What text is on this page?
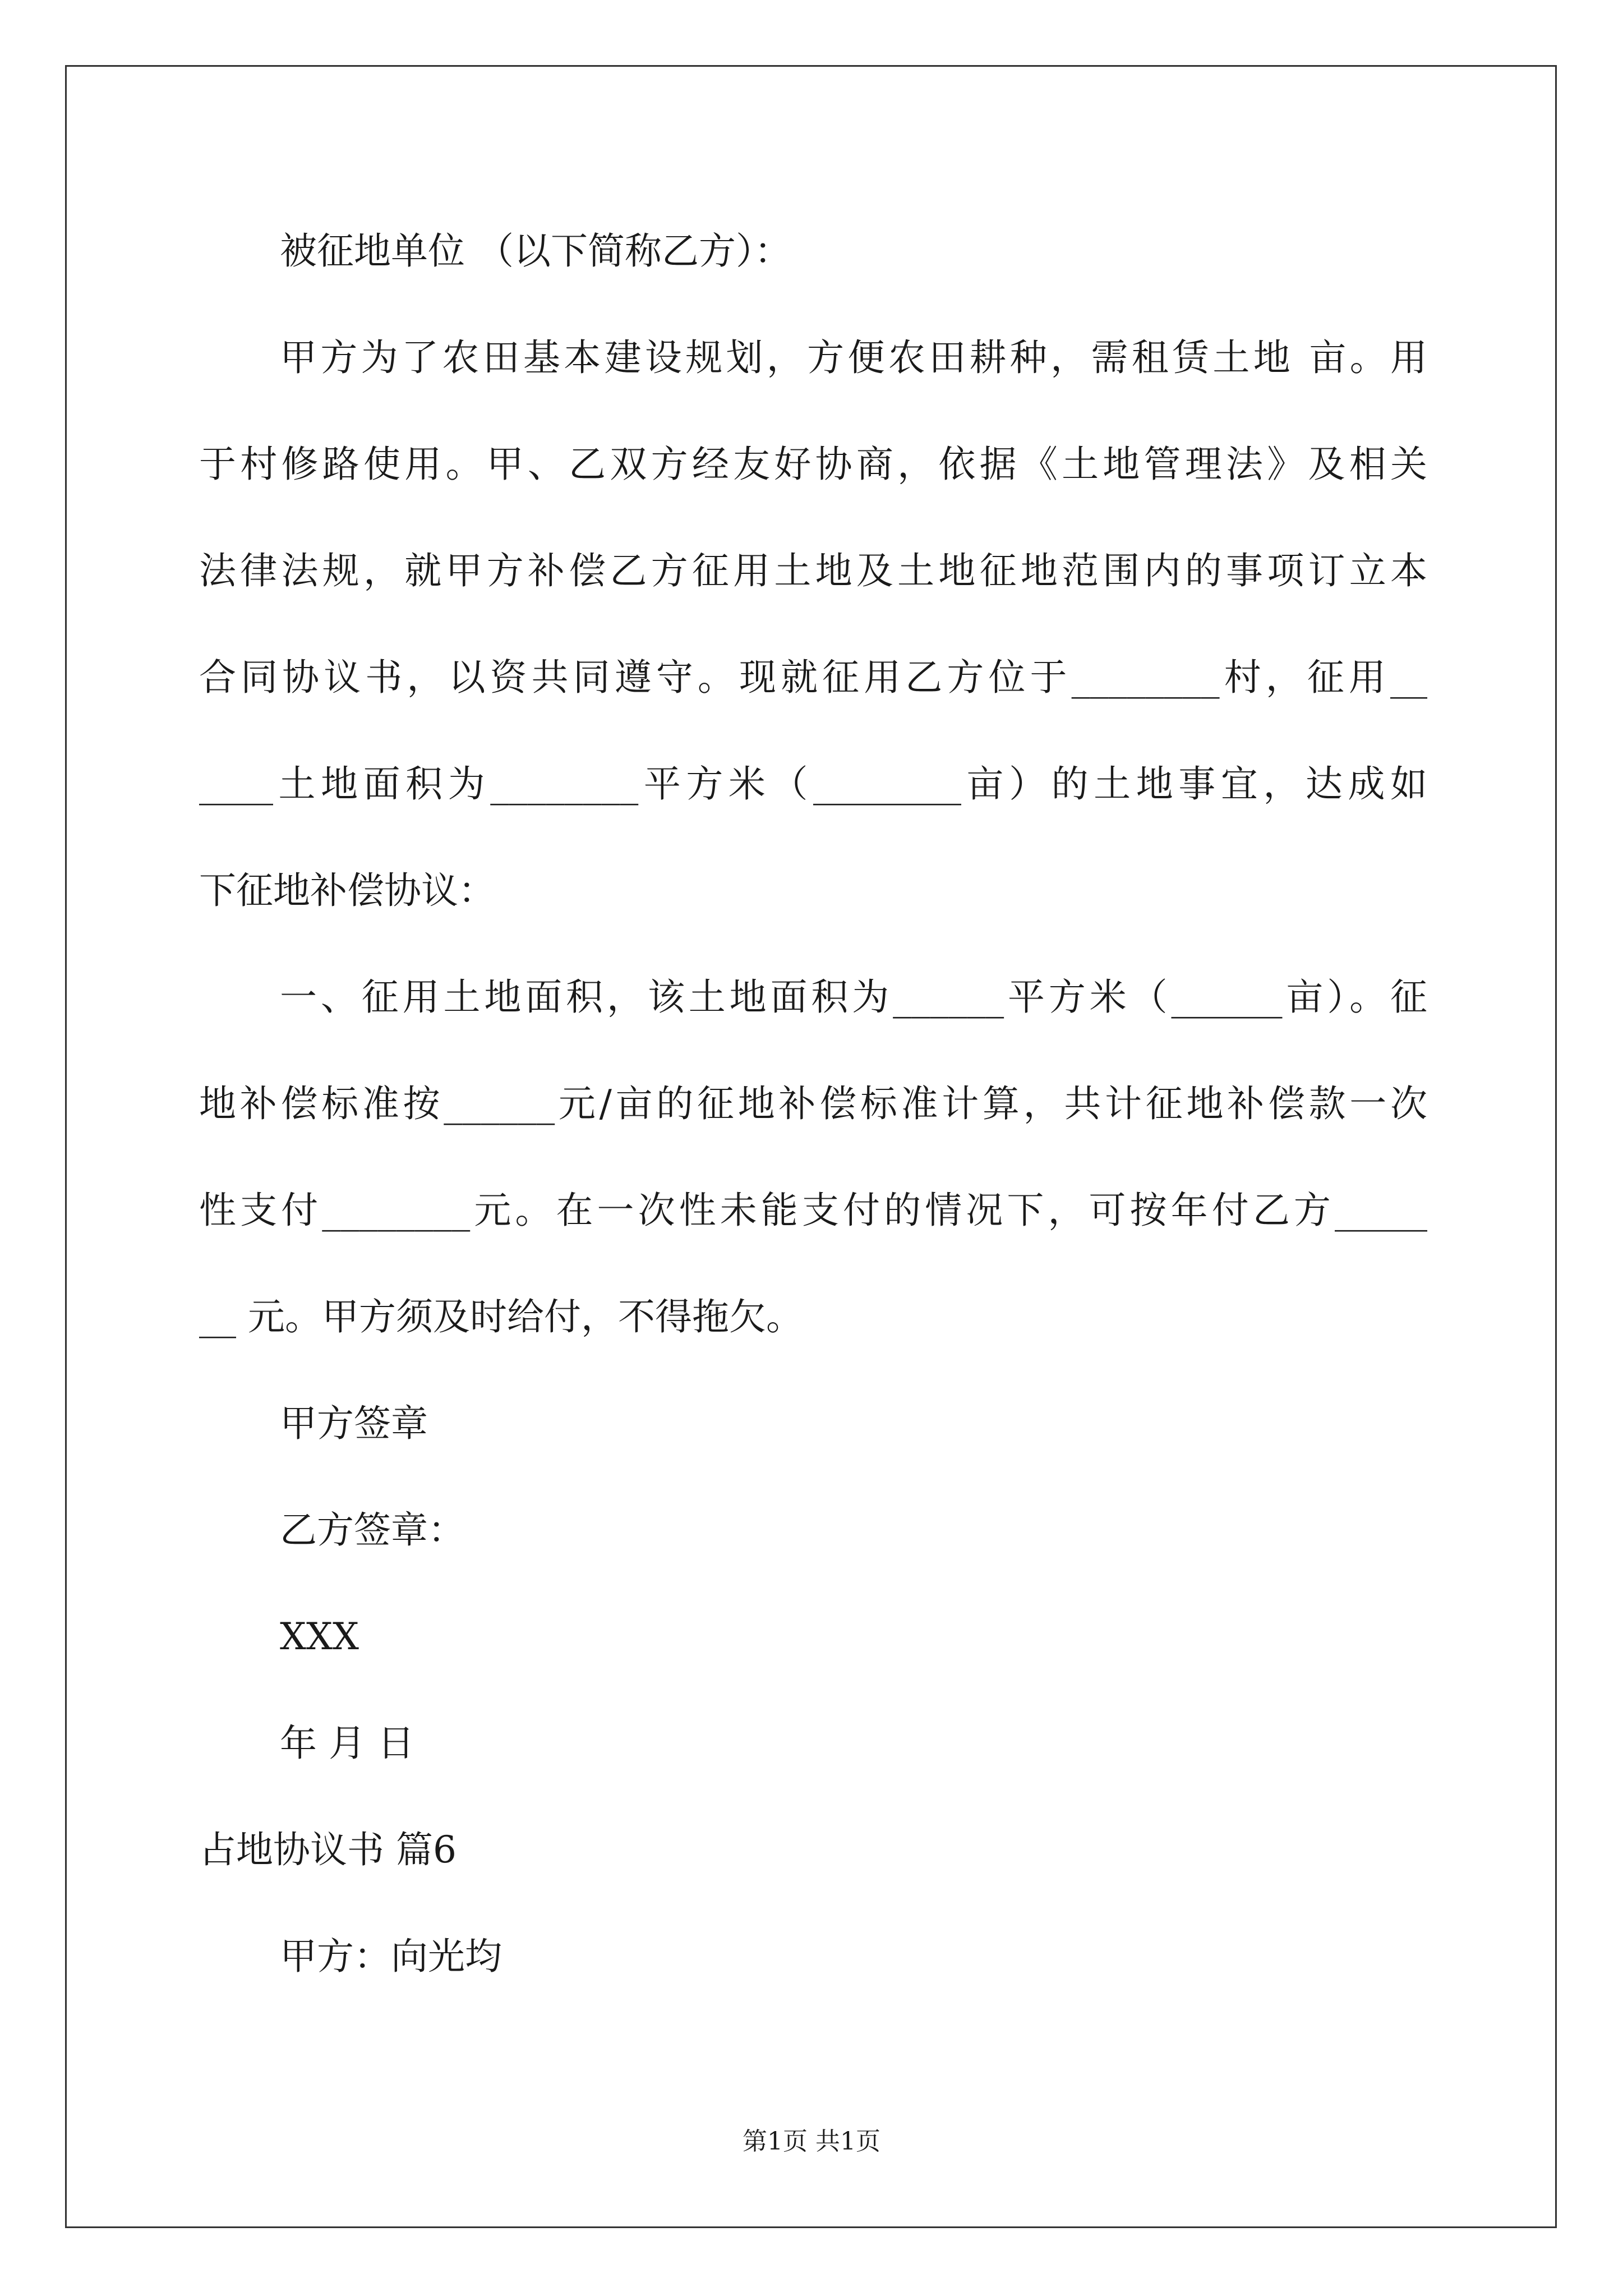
被征地单位 （以下简称乙方）：
甲方为了农田基本建设规划，方便农田耕种，需租赁土地 亩。用
于村修路使用。甲、乙双方经友好协商，依据《土地管理法》及相关
法律法规，就甲方补偿乙方征用土地及土地征地范围内的事项订立本
合同协议书，以资共同遵守。现就征用乙方位于________村，征用__
____土地面积为________平方米（________亩）的土地事宜，达成如
下征地补偿协议：
一、征用土地面积，该土地面积为______平方米（______亩）。征
地补偿标准按______元/亩的征地补偿标准计算，共计征地补偿款一次
性支付________元。在一次性未能支付的情况下，可按年付乙方_____
__ 元。甲方须及时给付，不得拖欠。
甲方签章
乙方签章：
XXX
年 月 日
占地协议书 篇6
甲方：向光均
第1页 共1页
